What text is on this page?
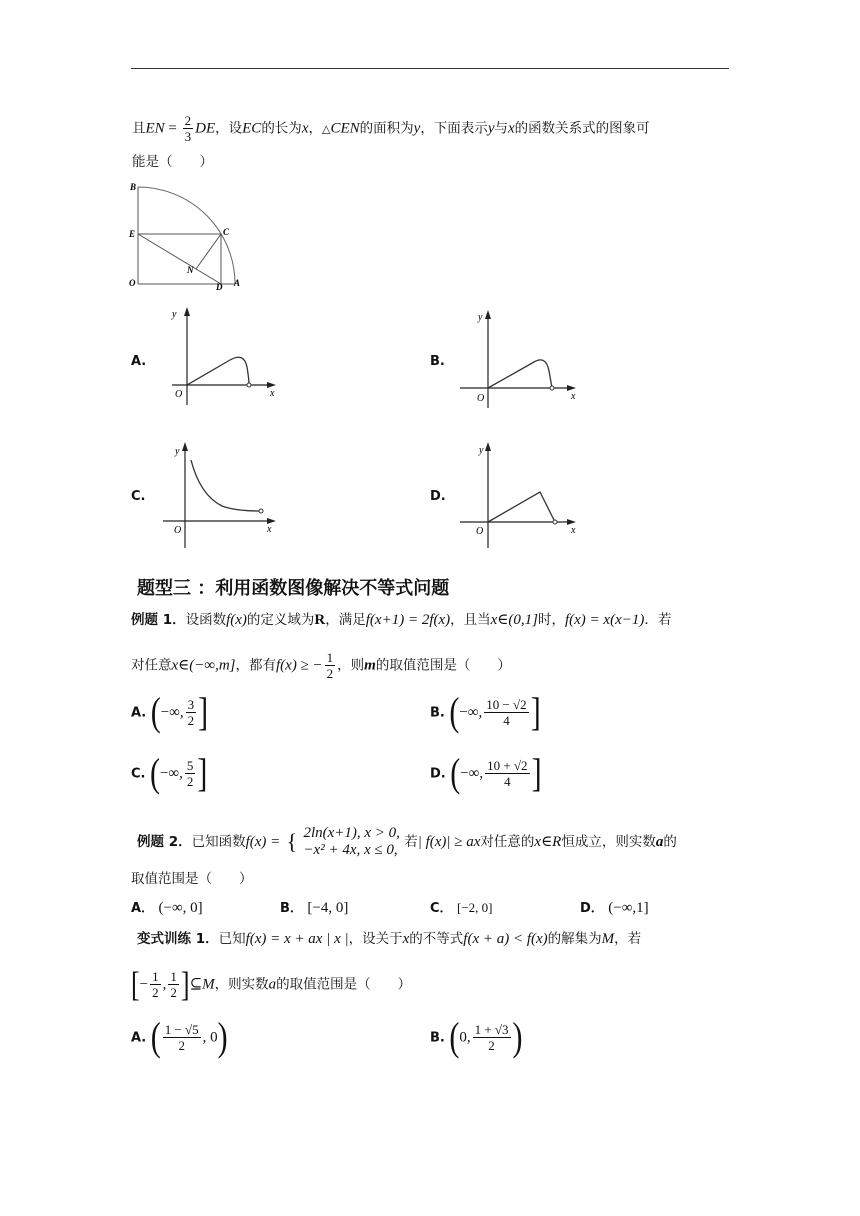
且EN = $\frac{2}{3}$ DE，设EC的长为x，△CEN的面积为y，下面表示y与x的函数关系式的图象可
能是（　　）
B
E	C
N
O	D A
A.
y
x
O
B.
y
x
O
C.
y
x
O
D.
y
x
O
题型三 ：利用函数图像解决不等式问题
例题 1．设函数f(x)的定义域为R，满足f(x+1) = 2f(x)，且当x∈(0,1]时，f(x) = x(x−1)．若
对任意x∈(−∞,m]，都有f(x) ≥ − $\frac{1}{2}$ ，则m的取值范围是（　　）
A. (−∞, $\frac{3}{2}$ ]	B. (−∞, $\frac{10 - √2}{4}$ ]
C. (−∞, $\frac{5}{2}$ ]	D. (−∞, $\frac{10 + √2}{4}$ ]
例题 2．已知函数f(x) = { 2ln(x+1), x > 0,
−x² + 4x, x ≤ 0, 若| f(x)| ≥ ax对任意的x∈R恒成立，则实数a的
取值范围是（　　）
A． (−∞, 0]	B． [−4, 0]	C． [−2, 0]	D． (−∞,1]
变式训练 1．已知f(x) = x + ax | x |，设关于x的不等式f(x + a) < f(x)的解集为M，若
[− $\frac{1}{2}$ , $\frac{1}{2}$ ]⊆M，则实数a的取值范围是（　　）
A. ( $\frac{1 - √5}{2}$ , 0)	B. (0, $\frac{1 + √3}{2}$ )
